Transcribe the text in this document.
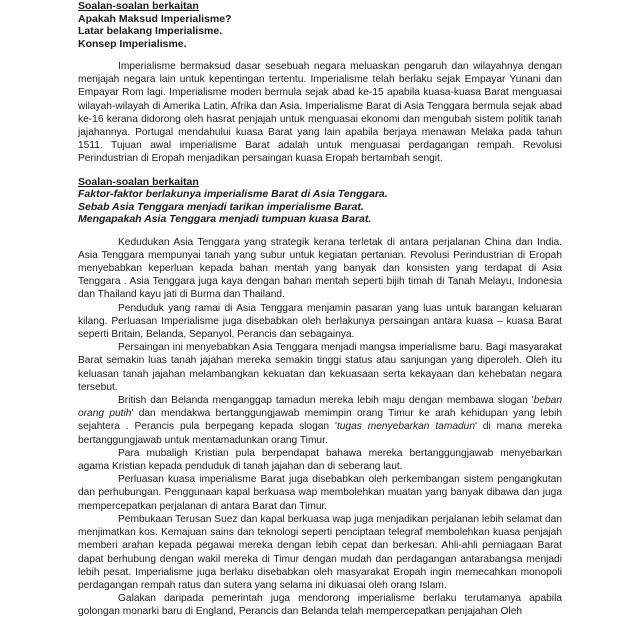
Soalan-soalan berkaitan
Apakah Maksud Imperialisme?
Latar belakang Imperialisme.
Konsep Imperialisme.

Imperialisme bermaksud dasar sesebuah negara meluaskan pengaruh dan wilayahnya dengan menjajah negara lain untuk kepentingan tertentu. Imperialisme telah berlaku sejak Empayar Yunani dan Empayar Rom lagi. Imperialisme moden bermula sejak abad ke-15 apabila kuasa-kuasa Barat menguasai wilayah-wilayah di Amerika Latin, Afrika dan Asia. Imperialisme Barat di Asia Tenggara bermula sejak abad ke-16 kerana didorong oleh hasrat penjajah untuk menguasai ekonomi dan mengubah sistem politik tanah jajahannya. Portugal mendahului kuasa Barat yang lain apabila berjaya menawan Melaka pada tahun 1511. Tujuan awal imperialisme Barat adalah untuk menguasai perdagangan rempah. Revolusi Perindustrian di Eropah menjadikan persaingan kuasa Eropah bertambah sengit.

Soalan-soalan berkaitan
Faktor-faktor berlakunya imperialisme Barat di Asia Tenggara.
Sebab Asia Tenggara menjadi tarikan imperialisme Barat.
Mengapakah Asia Tenggara menjadi tumpuan kuasa Barat.

Kedudukan Asia Tenggara yang strategik kerana terletak di antara perjalanan China dan India. Asia Tenggara mempunyai tanah yang subur untuk kegiatan pertanian. Revolusi Perindustrian di Eropah menyebabkan keperluan kepada bahan mentah yang banyak dan konsisten yang terdapat di Asia Tenggara . Asia Tenggara juga kaya dengan bahan mentah seperti bijih timah di Tanah Melayu, Indonesia dan Thailand kayu jati di Burma dan Thailand.

Penduduk yang ramai di Asia Tenggara menjamin pasaran yang luas untuk barangan keluaran kilang. Perluasan Imperialisme juga disebabkan oleh berlakunya persaingan antara kuasa – kuasa Barat seperti Britain, Belanda, Sepanyol, Perancis dan sebagainya.

Persaingan ini menyebabkan Asia Tenggara menjadi mangsa imperialisme baru. Bagi masyarakat Barat semakin luas tanah jajahan mereka semakin tinggi status atau sanjungan yang diperoleh. Oleh itu keluasan tanah jajahan melambangkan kekuatan dan kekuasaan serta kekayaan dan kehebatan negara tersebut.

British dan Belanda menganggap tamadun mereka lebih maju dengan membawa slogan 'beban orang putih' dan mendakwa bertanggungjawab memimpin orang Timur ke arah kehidupan yang lebih sejahtera . Perancis pula berpegang kepada slogan 'tugas menyebarkan tamadun' di mana mereka bertanggungjawab untuk mentamadunkan orang Timur.

Para mubaligh Kristian pula berpendapat bahawa mereka bertanggungjawab menyebarkan agama Kristian kepada penduduk di tanah jajahan dan di seberang laut.

Perluasan kuasa imperialisme Barat juga disebabkan oleh perkembangan sistem pengangkutan dan perhubungan. Penggunaan kapal berkuasa wap membolehkan muatan yang banyak dibawa dan juga mempercepatkan perjalanan di antara Barat dan Timur.

Pembukaan Terusan Suez dan kapal berkuasa wap juga menjadikan perjalanan lebih selamat dan menjimatkan kos. Kemajuan sains dan teknologi seperti penciptaan telegraf membolehkan kuasa penjajah memberi arahan kepada pegawai mereka dengan lebih cepat dan berkesan. Ahli-ahli perniagaan Barat dapat berhubung dengan wakil mereka di Timur dengan mudah dan perdagangan antarabangsa menjadi lebih pesat. Imperialisme juga berlaku disebabkan oleh masyarakat Eropah ingin memecahkan monopoli perdagangan rempah ratus dan sutera yang selama ini dikuasai oleh orang Islam.

Galakan daripada pemerintah juga mendorong imperialisme berlaku terutamanya apabila golongan monarki baru di England, Perancis dan Belanda telah mempercepatkan penjajahan Oleh
